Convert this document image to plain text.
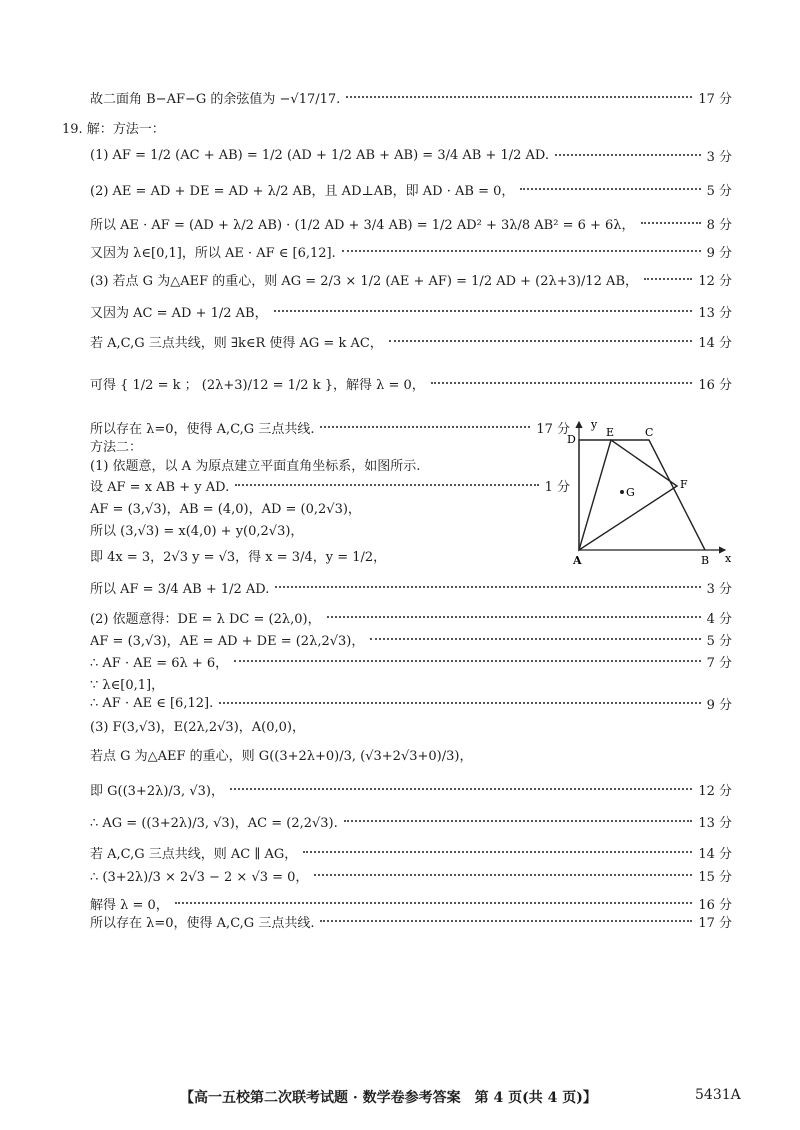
故二面角 B−AF−G 的余弦值为 −√17/17.	17 分
19. 解：方法一：
(1) AF = 1/2 (AC + AB) = 1/2 (AD + 1/2 AB + AB) = 3/4 AB + 1/2 AD.	3 分
(2) AE = AD + DE = AD + λ/2 AB，且 AD⊥AB，即 AD · AB = 0，	5 分
所以 AE · AF = (AD + λ/2 AB) · (1/2 AD + 3/4 AB) = 1/2 AD² + 3λ/8 AB² = 6 + 6λ，	8 分
又因为 λ∈[0,1]，所以 AE · AF ∈ [6,12].	9 分
(3) 若点 G 为△AEF 的重心，则 AG = 2/3 × 1/2 (AE + AF) = 1/2 AD + (2λ+3)/12 AB，	12 分
又因为 AC = AD + 1/2 AB，	13 分
若 A,C,G 三点共线，则 ∃k∈R 使得 AG = k AC，	14 分
可得 { 1/2 = k ； (2λ+3)/12 = 1/2 k }，解得 λ = 0，	16 分
所以存在 λ=0，使得 A,C,G 三点共线.	17 分
方法二：
(1) 依题意，以 A 为原点建立平面直角坐标系，如图所示.
设 AF = x AB + y AD.	1 分
AF = (3,√3)，AB = (4,0)，AD = (0,2√3)，
所以 (3,√3) = x(4,0) + y(0,2√3)，
即 4x = 3，2√3 y = √3，得 x = 3/4，y = 1/2，
所以 AF = 3/4 AB + 1/2 AD.	3 分
(2) 依题意得：DE = λ DC = (2λ,0)，	4 分
AF = (3,√3)，AE = AD + DE = (2λ,2√3)，	5 分
∴ AF · AE = 6λ + 6，	7 分
∵ λ∈[0,1]，
∴ AF · AE ∈ [6,12].	9 分
(3) F(3,√3)，E(2λ,2√3)，A(0,0)，
若点 G 为△AEF 的重心，则 G((3+2λ+0)/3, (√3+2√3+0)/3)，
即 G((3+2λ)/3, √3)，	12 分
∴ AG = ((3+2λ)/3, √3)，AC = (2,2√3).	13 分
若 A,C,G 三点共线，则 AC ∥ AG，	14 分
∴ (3+2λ)/3 × 2√3 − 2 × √3 = 0，	15 分
解得 λ = 0，	16 分
所以存在 λ=0，使得 A,C,G 三点共线.	17 分
y
x
D
E	C
F
G
A	B
【高一五校第二次联考试题 · 数学卷参考答案　第 4 页(共 4 页)】	5431A
